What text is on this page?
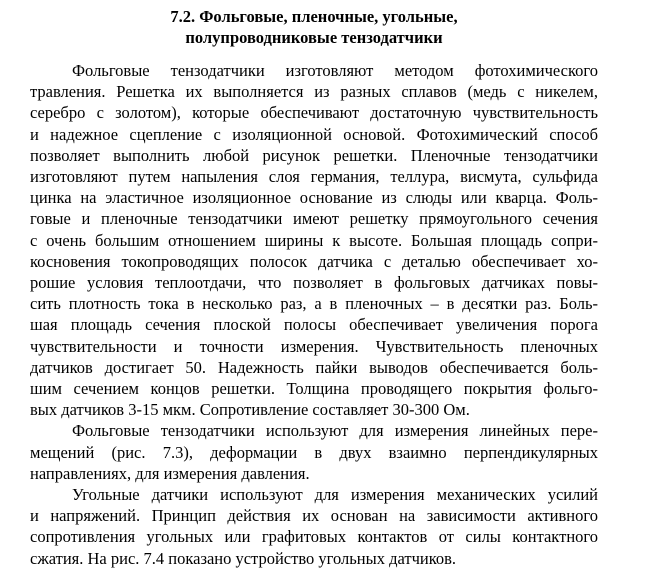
7.2. Фольговые, пленочные, угольные,
полупроводниковые тензодатчики
Фольговые тензодатчики изготовляют методом фотохимического
травления. Решетка их выполняется из разных сплавов (медь с никелем,
серебро с золотом), которые обеспечивают достаточную чувствительность
и надежное сцепление с изоляционной основой. Фотохимический способ
позволяет выполнить любой рисунок решетки. Пленочные тензодатчики
изготовляют путем напыления слоя германия, теллура, висмута, сульфида
цинка на эластичное изоляционное основание из слюды или кварца. Фоль-
говые и пленочные тензодатчики имеют решетку прямоугольного сечения
с очень большим отношением ширины к высоте. Большая площадь сопри-
косновения токопроводящих полосок датчика с деталью обеспечивает хо-
рошие условия теплоотдачи, что позволяет в фольговых датчиках повы-
сить плотность тока в несколько раз, а в пленочных – в десятки раз. Боль-
шая площадь сечения плоской полосы обеспечивает увеличения порога
чувствительности и точности измерения. Чувствительность пленочных
датчиков достигает 50. Надежность пайки выводов обеспечивается боль-
шим сечением концов решетки. Толщина проводящего покрытия фольго-
вых датчиков 3-15 мкм. Сопротивление составляет 30-300 Ом.
Фольговые тензодатчики используют для измерения линейных пере-
мещений (рис. 7.3), деформации в двух взаимно перпендикулярных
направлениях, для измерения давления.
Угольные датчики используют для измерения механических усилий
и напряжений. Принцип действия их основан на зависимости активного
сопротивления угольных или графитовых контактов от силы контактного
сжатия. На рис. 7.4 показано устройство угольных датчиков.
